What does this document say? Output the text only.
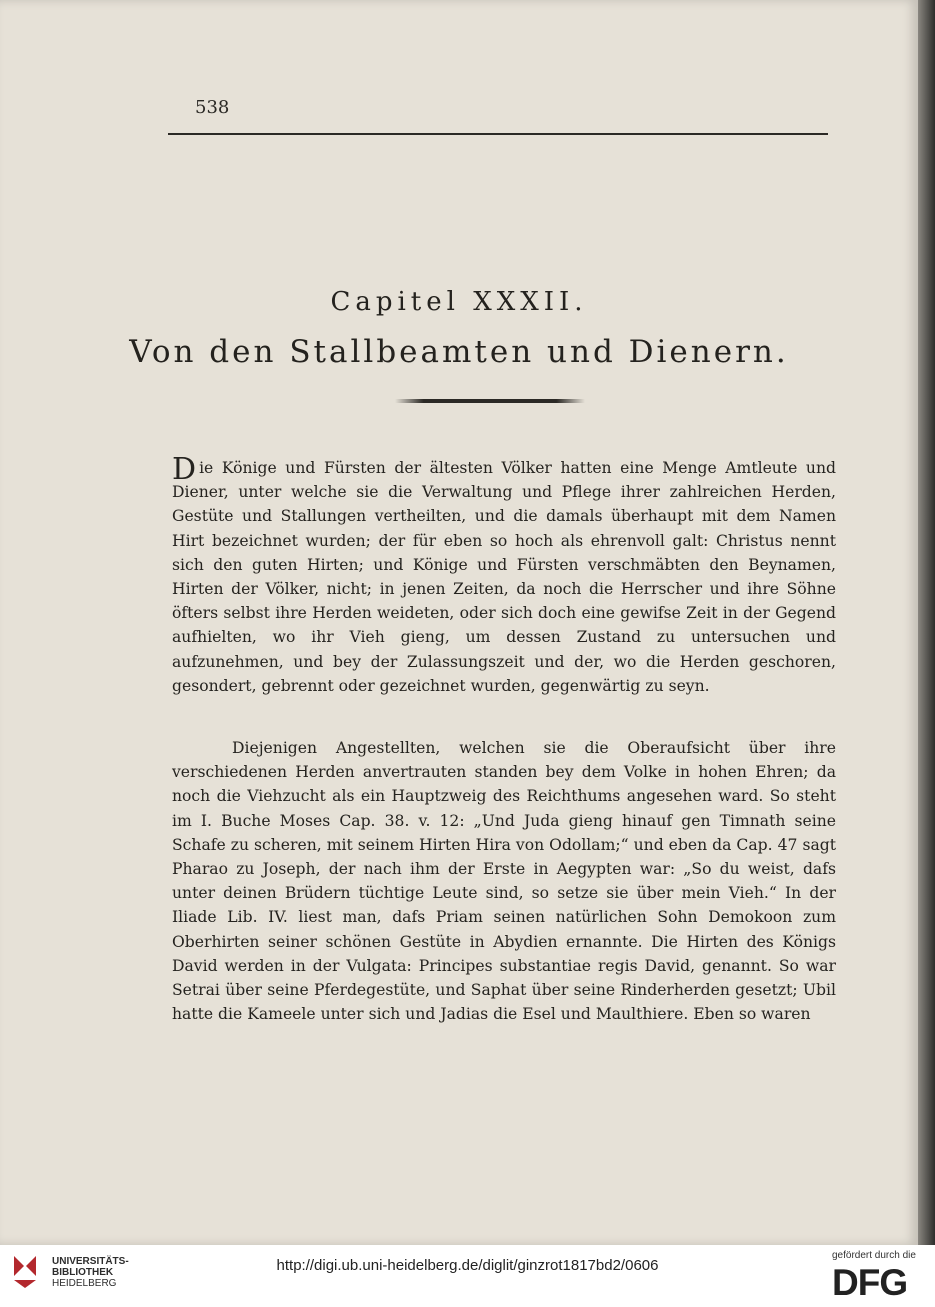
538
Capitel XXXII.
Von den Stallbeamten und Dienern.
Die Könige und Fürsten der ältesten Völker hatten eine Menge Amtleute und Diener, unter welche sie die Verwaltung und Pflege ihrer zahlreichen Herden, Gestüte und Stallungen vertheilten, und die damals überhaupt mit dem Namen Hirt bezeichnet wurden; der für eben so hoch als ehrenvoll galt: Christus nennt sich den guten Hirten; und Könige und Fürsten verschmäbten den Beynamen, Hirten der Völker, nicht; in jenen Zeiten, da noch die Herrscher und ihre Söhne öfters selbst ihre Herden weideten, oder sich doch eine gewifse Zeit in der Gegend aufhielten, wo ihr Vieh gieng, um dessen Zustand zu untersuchen und aufzunehmen, und bey der Zulassungszeit und der, wo die Herden geschoren, gesondert, gebrennt oder gezeichnet wurden, gegenwärtig zu seyn.
Diejenigen Angestellten, welchen sie die Oberaufsicht über ihre verschiedenen Herden anvertrauten standen bey dem Volke in hohen Ehren; da noch die Viehzucht als ein Hauptzweig des Reichthums angesehen ward. So steht im I. Buche Moses Cap. 38. v. 12: „Und Juda gieng hinauf gen Timnath seine Schafe zu scheren, mit seinem Hirten Hira von Odollam;“ und eben da Cap. 47 sagt Pharao zu Joseph, der nach ihm der Erste in Aegypten war: „So du weist, dafs unter deinen Brüdern tüchtige Leute sind, so setze sie über mein Vieh.“ In der Iliade Lib. IV. liest man, dafs Priam seinen natürlichen Sohn Demokoon zum Oberhirten seiner schönen Gestüte in Abydien ernannte. Die Hirten des Königs David werden in der Vulgata: Principes substantiae regis David, genannt. So war Setrai über seine Pferdegestüte, und Saphat über seine Rinderherden gesetzt; Ubil hatte die Kameele unter sich und Jadias die Esel und Maulthiere. Eben so waren
UNIVERSITÄTS-
BIBLIOTHEK
HEIDELBERG
http://digi.ub.uni-heidelberg.de/diglit/ginzrot1817bd2/0606
gefördert durch die
DFG
